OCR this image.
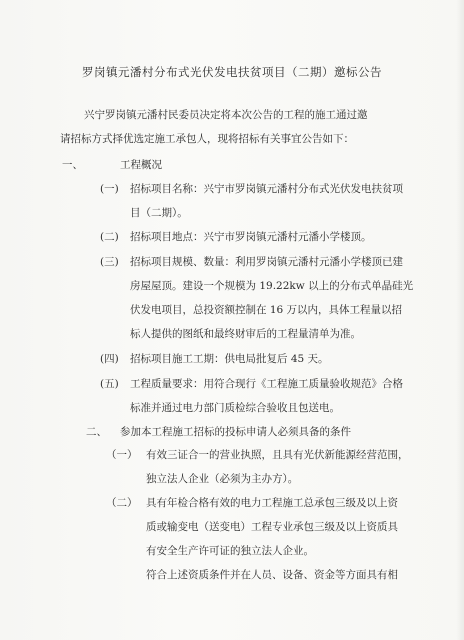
罗岗镇元潘村分布式光伏发电扶贫项目（二期）邀标公告
兴宁罗岗镇元潘村民委员决定将本次公告的工程的施工通过邀
请招标方式择优选定施工承包人，现将招标有关事宜公告如下：
一、	工程概况
(一) 招标项目名称：兴宁市罗岗镇元潘村分布式光伏发电扶贫项
目（二期）。
(二) 招标项目地点：兴宁市罗岗镇元潘村元潘小学楼顶。
(三) 招标项目规模、数量：利用罗岗镇元潘村元潘小学楼顶已建
房屋屋顶。建设一个规模为 19.22kw 以上的分布式单晶硅光
伏发电项目，总投资额控制在 16 万以内，具体工程量以招
标人提供的图纸和最终财审后的工程量清单为准。
(四) 招标项目施工工期：供电局批复后 45 天。
(五) 工程质量要求：用符合现行《工程施工质量验收规范》合格
标准并通过电力部门质检综合验收且包送电。
二、 参加本工程施工招标的投标申请人必须具备的条件
（一） 有效三证合一的营业执照，且具有光伏新能源经营范围，
独立法人企业（必须为主办方）。
（二） 具有年检合格有效的电力工程施工总承包三级及以上资
质或输变电（送变电）工程专业承包三级及以上资质具
有安全生产许可证的独立法人企业。
符合上述资质条件并在人员、设备、资金等方面具有相
